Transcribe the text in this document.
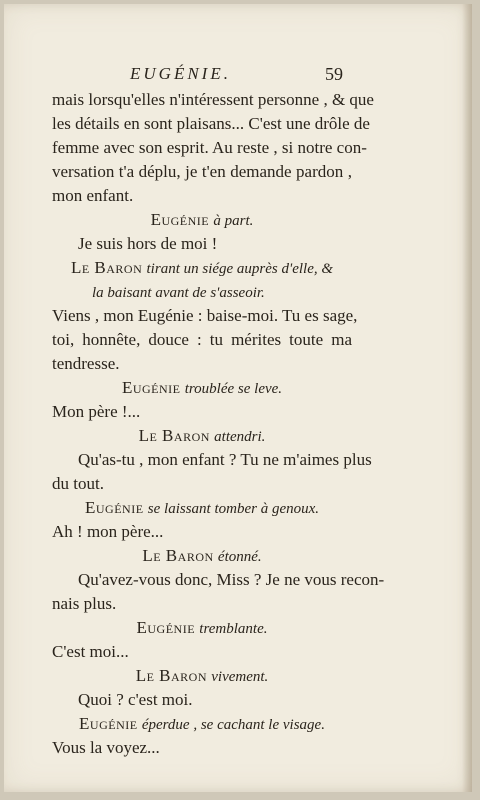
EUGÉNIE.	59
mais lorsqu'elles n'intéressent personne , & que
les détails en sont plaisans... C'est une drôle de
femme avec son esprit. Au reste , si notre con-
versation t'a déplu, je t'en demande pardon ,
mon enfant.
Eugénie à part.
Je suis hors de moi !
Le Baron tirant un siége auprès d'elle, &
la baisant avant de s'asseoir.
Viens , mon Eugénie : baise-moi. Tu es sage,
toi, honnête, douce : tu mérites toute ma
tendresse.
Eugénie troublée se leve.
Mon père !...
Le Baron attendri.
Qu'as-tu , mon enfant ? Tu ne m'aimes plus
du tout.
Eugénie se laissant tomber à genoux.
Ah ! mon père...
Le Baron étonné.
Qu'avez-vous donc, Miss ? Je ne vous recon-
nais plus.
Eugénie tremblante.
C'est moi...
Le Baron vivement.
Quoi ? c'est moi.
Eugénie éperdue , se cachant le visage.
Vous la voyez...
